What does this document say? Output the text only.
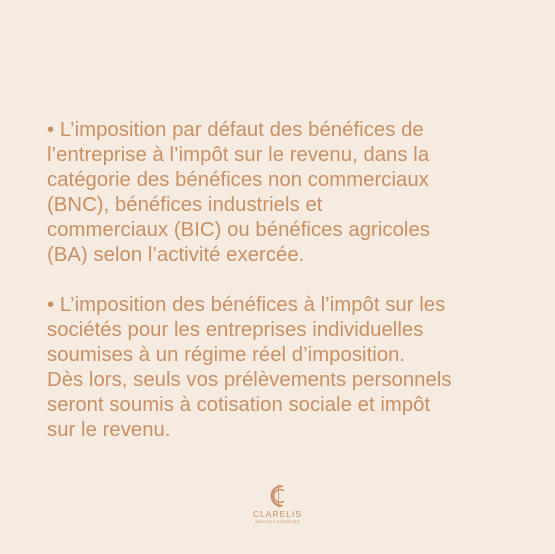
• L’imposition par défaut des bénéfices de
l’entreprise à l’impôt sur le revenu, dans la
catégorie des bénéfices non commerciaux
(BNC), bénéfices industriels et
commerciaux (BIC) ou bénéfices agricoles
(BA) selon l’activité exercée.

• L’imposition des bénéfices à l’impôt sur les
sociétés pour les entreprises individuelles
soumises à un régime réel d’imposition.
Dès lors, seuls vos prélèvements personnels
seront soumis à cotisation sociale et impôt
sur le revenu.

CLARELIS
AVOCATS ASSOCIÉS
